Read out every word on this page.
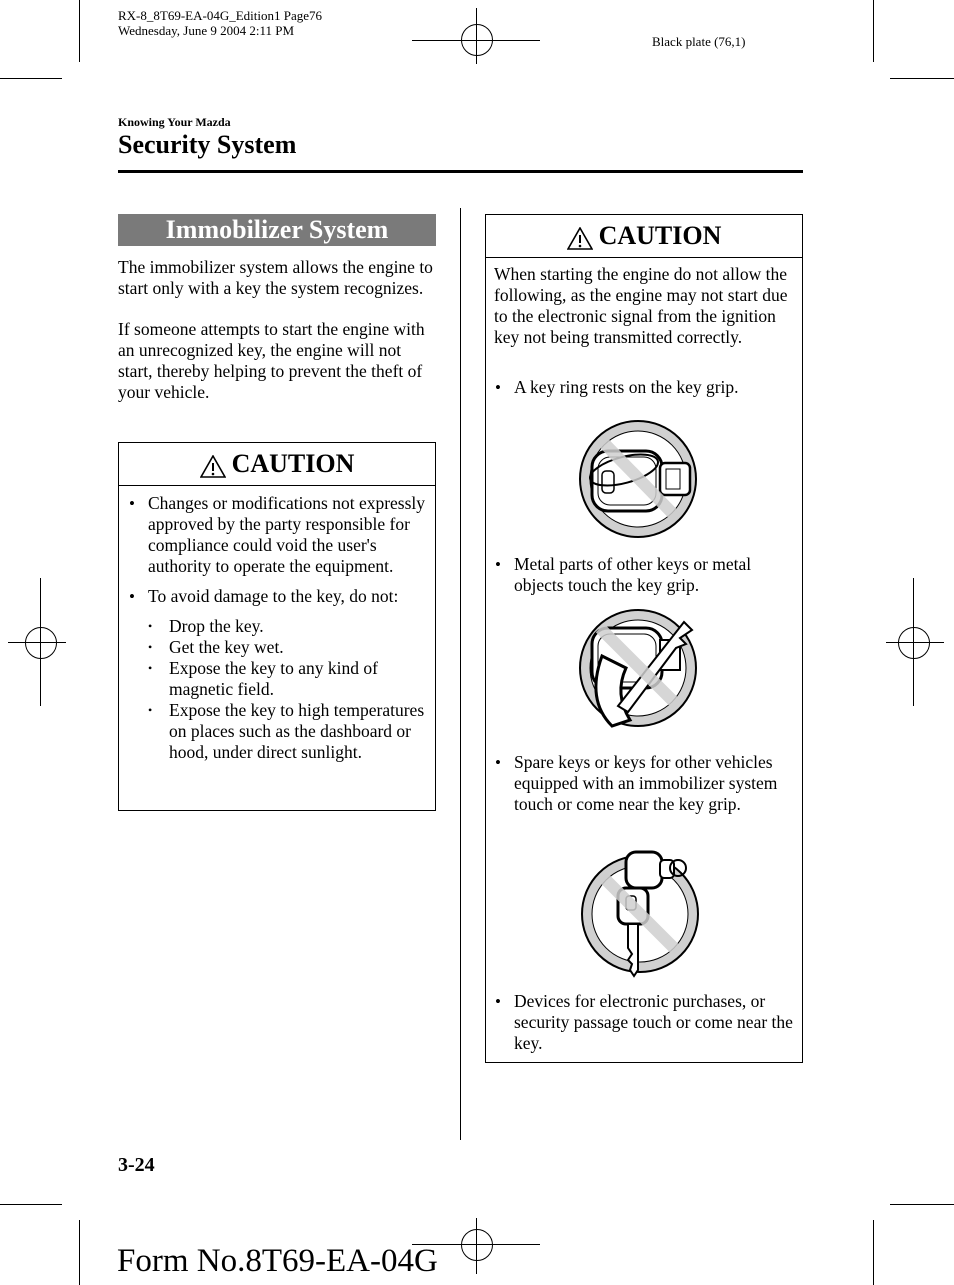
RX-8_8T69-EA-04G_Edition1 Page76
Wednesday, June 9 2004 2:11 PM
Black plate (76,1)
Knowing Your Mazda
Security System
Immobilizer System

The immobilizer system allows the engine to start only with a key the system recognizes.

If someone attempts to start the engine with an unrecognized key, the engine will not start, thereby helping to prevent the theft of your vehicle.

CAUTION
• Changes or modifications not expressly approved by the party responsible for compliance could void the user's authority to operate the equipment.
• To avoid damage to the key, do not:
• Drop the key.
• Get the key wet.
• Expose the key to any kind of magnetic field.
• Expose the key to high temperatures on places such as the dashboard or hood, under direct sunlight.
CAUTION
When starting the engine do not allow the following, as the engine may not start due to the electronic signal from the ignition key not being transmitted correctly.
• A key ring rests on the key grip.
• Metal parts of other keys or metal objects touch the key grip.
• Spare keys or keys for other vehicles equipped with an immobilizer system touch or come near the key grip.
• Devices for electronic purchases, or security passage touch or come near the key.
3-24
Form No.8T69-EA-04G
